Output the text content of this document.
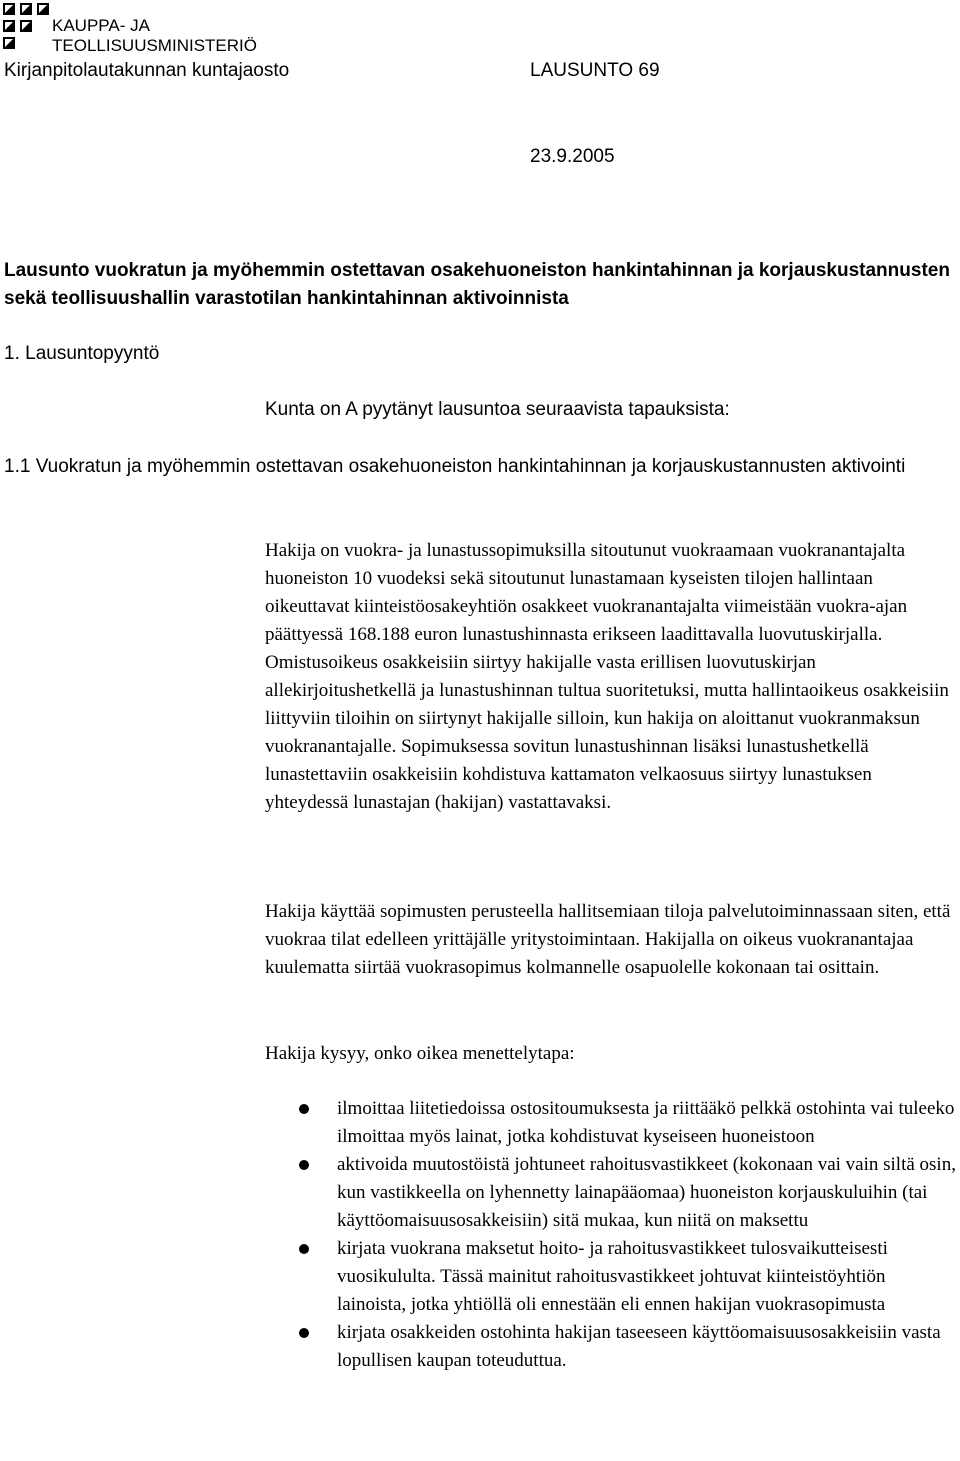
KAUPPA- JA
TEOLLISUUSMINISTERIÖ
Kirjanpitolautakunnan kuntajaosto	LAUSUNTO 69
23.9.2005
Lausunto vuokratun ja myöhemmin ostettavan osakehuoneiston hankintahinnan ja korjauskustannusten sekä teollisuushallin varastotilan hankintahinnan aktivoinnista
1. Lausuntopyyntö
Kunta on A pyytänyt lausuntoa seuraavista tapauksista:
1.1 Vuokratun ja myöhemmin ostettavan osakehuoneiston hankintahinnan ja korjauskustannusten aktivointi
Hakija on vuokra- ja lunastussopimuksilla sitoutunut vuokraamaan vuokranantajalta huoneiston 10 vuodeksi sekä sitoutunut lunastamaan kyseisten tilojen hallintaan oikeuttavat kiinteistöosakeyhtiön osakkeet vuokranantajalta viimeistään vuokra-ajan päättyessä 168.188 euron lunastushinnasta erikseen laadittavalla luovutuskirjalla. Omistusoikeus osakkeisiin siirtyy hakijalle vasta erillisen luovutuskirjan allekirjoitushetkellä ja lunastushinnan tultua suoritetuksi, mutta hallintaoikeus osakkeisiin liittyviin tiloihin on siirtynyt hakijalle silloin, kun hakija on aloittanut vuokranmaksun vuokranantajalle. Sopimuksessa sovitun lunastushinnan lisäksi lunastushetkellä lunastettaviin osakkeisiin kohdistuva kattamaton velkaosuus siirtyy lunastuksen yhteydessä lunastajan (hakijan) vastattavaksi.
Hakija käyttää sopimusten perusteella hallitsemiaan tiloja palvelutoiminnassaan siten, että vuokraa tilat edelleen yrittäjälle yritystoimintaan. Hakijalla on oikeus vuokranantajaa kuulematta siirtää vuokrasopimus kolmannelle osapuolelle kokonaan tai osittain.
Hakija kysyy, onko oikea menettelytapa:
ilmoittaa liitetiedoissa ostositoumuksesta ja riittääkö pelkkä ostohinta vai tuleeko ilmoittaa myös lainat, jotka kohdistuvat kyseiseen huoneistoon
aktivoida muutostöistä johtuneet rahoitusvastikkeet (kokonaan vai vain siltä osin, kun vastikkeella on lyhennetty lainapääomaa) huoneiston korjauskuluihin (tai käyttöomaisuusosakkeisiin) sitä mukaa, kun niitä on maksettu
kirjata vuokrana maksetut hoito- ja rahoitusvastikkeet tulosvaikutteisesti vuosikululta. Tässä mainitut rahoitusvastikkeet johtuvat kiinteistöyhtiön lainoista, jotka yhtiöllä oli ennestään eli ennen hakijan vuokrasopimusta
kirjata osakkeiden ostohinta hakijan taseeseen käyttöomaisuusosakkeisiin vasta lopullisen kaupan toteuduttua.
